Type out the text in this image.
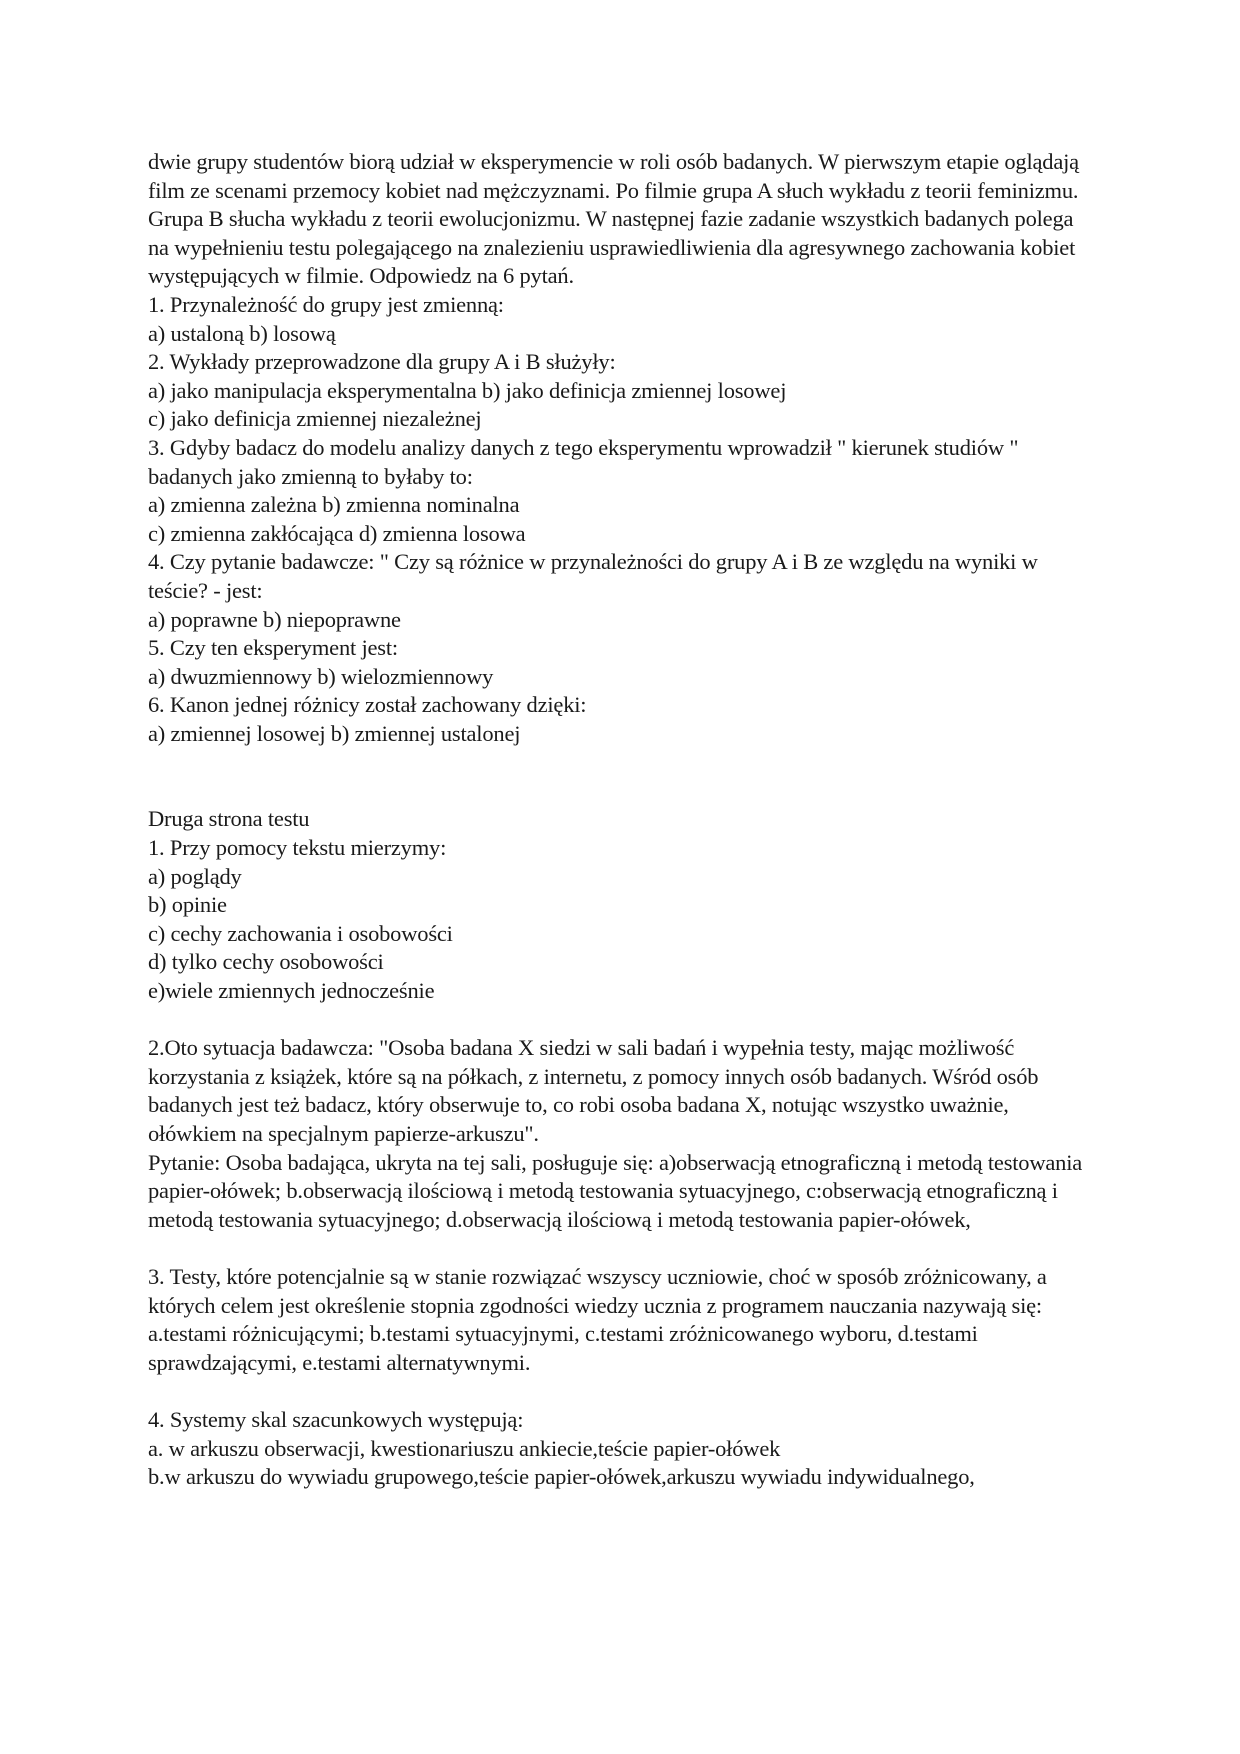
dwie grupy studentów biorą udział w eksperymencie w roli osób badanych. W pierwszym etapie oglądają film ze scenami przemocy kobiet nad mężczyznami. Po filmie grupa A słuch wykładu z teorii feminizmu. Grupa B słucha wykładu z teorii ewolucjonizmu. W następnej fazie zadanie wszystkich badanych polega na wypełnieniu testu polegającego na znalezieniu usprawiedliwienia dla agresywnego zachowania kobiet występujących w filmie. Odpowiedz na 6 pytań.

1. Przynależność do grupy jest zmienną:

a) ustaloną b) losową

2. Wykłady przeprowadzone dla grupy A i B służyły:

a) jako manipulacja eksperymentalna b) jako definicja zmiennej losowej

c) jako definicja zmiennej niezależnej

3. Gdyby badacz do modelu analizy danych z tego eksperymentu wprowadził " kierunek studiów " badanych jako zmienną to byłaby to:

a) zmienna zależna b) zmienna nominalna

c) zmienna zakłócająca d) zmienna losowa

4. Czy pytanie badawcze: " Czy są różnice w przynależności do grupy A i B ze względu na wyniki w teście? - jest:

a) poprawne b) niepoprawne

5. Czy ten eksperyment jest:

a) dwuzmiennowy b) wielozmiennowy

6. Kanon jednej różnicy został zachowany dzięki:

a) zmiennej losowej b) zmiennej ustalonej

Druga strona testu

1. Przy pomocy tekstu mierzymy:

a) poglądy

b) opinie

c) cechy zachowania i osobowości

d) tylko cechy osobowości

e)wiele zmiennych jednocześnie

2.Oto sytuacja badawcza: "Osoba badana X siedzi w sali badań i wypełnia testy, mając możliwość korzystania z książek, które są na półkach, z internetu, z pomocy innych osób badanych. Wśród osób badanych jest też badacz, który obserwuje to, co robi osoba badana X, notując wszystko uważnie, ołówkiem na specjalnym papierze-arkuszu".

Pytanie: Osoba badająca, ukryta na tej sali, posługuje się: a)obserwacją etnograficzną i metodą testowania papier-ołówek; b.obserwacją ilościową i metodą testowania sytuacyjnego, c:obserwacją etnograficzną i metodą testowania sytuacyjnego; d.obserwacją ilościową i metodą testowania papier-ołówek,

3. Testy, które potencjalnie są w stanie rozwiązać wszyscy uczniowie, choć w sposób zróżnicowany, a których celem jest określenie stopnia zgodności wiedzy ucznia z programem nauczania nazywają się:

a.testami różnicującymi; b.testami sytuacyjnymi, c.testami zróżnicowanego wyboru, d.testami sprawdzającymi, e.testami alternatywnymi.

4. Systemy skal szacunkowych występują:

a. w arkuszu obserwacji, kwestionariuszu ankiecie,teście papier-ołówek

b.w arkuszu do wywiadu grupowego,teście papier-ołówek,arkuszu wywiadu indywidualnego,
